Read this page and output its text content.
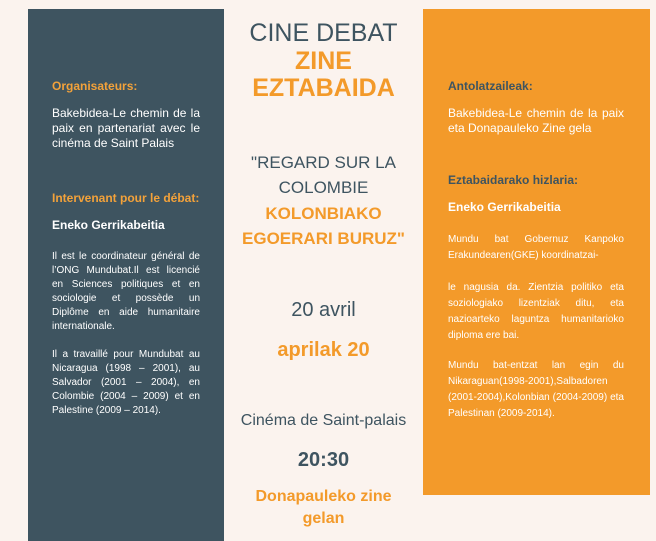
Organisateurs:

Bakebidea-Le chemin de la paix en partenariat avec le cinéma de Saint Palais

Intervenant pour le débat:

Eneko Gerrikabeitia

Il est le coordinateur général de l’ONG Mundubat.Il est licencié en Sciences politiques et en sociologie et possède un Diplôme en aide humanitaire internationale.

Il a travaillé pour Mundubat au Nicaragua (1998 – 2001), au Salvador (2001 – 2004), en Colombie (2004 – 2009) et en Palestine (2009 – 2014).

CINE DEBAT
ZINE
EZTABAIDA
"REGARD SUR LA
COLOMBIE
KOLONBIAKO
EGOERARI BURUZ"
20 avril
aprilak 20
Cinéma de Saint-palais
20:30
Donapauleko zine
gelan

Antolatzaileak:

Bakebidea-Le chemin de la paix eta Donapauleko Zine gela

Eztabaidarako hizlaria:

Eneko Gerrikabeitia

Mundu bat Gobernuz Kanpoko Erakundearen(GKE) koordinatzai-

le nagusia da. Zientzia politiko eta soziologiako lizentziak ditu, eta nazioarteko laguntza humanitarioko diploma ere bai.

Mundu bat-entzat lan egin du Nikaraguan(1998-2001),Salbadoren (2001-2004),Kolonbian (2004-2009) eta Palestinan (2009-2014).
